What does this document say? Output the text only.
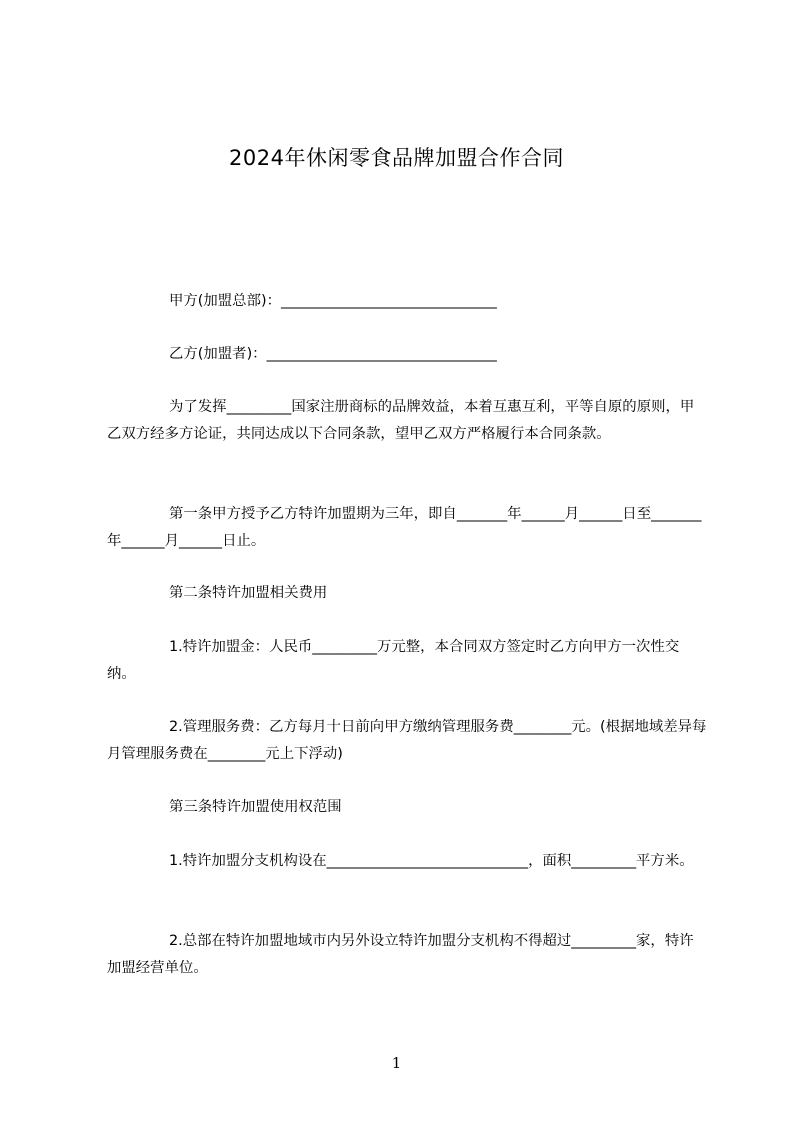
2024年休闲零食品牌加盟合作合同
甲方(加盟总部)：______________________________
乙方(加盟者)：________________________________
为了发挥_________国家注册商标的品牌效益，本着互惠互利，平等自原的原则，甲乙双方经多方论证，共同达成以下合同条款，望甲乙双方严格履行本合同条款。
第一条甲方授予乙方特许加盟期为三年，即自_______年______月______日至_______年______月______日止。
第二条特许加盟相关费用
1.特许加盟金：人民币_________万元整，本合同双方签定时乙方向甲方一次性交纳。
2.管理服务费：乙方每月十日前向甲方缴纳管理服务费________元。(根据地域差异每月管理服务费在________元上下浮动)
第三条特许加盟使用权范围
1.特许加盟分支机构设在____________________________，面积_________平方米。
2.总部在特许加盟地域市内另外设立特许加盟分支机构不得超过_________家，特许加盟经营单位。
1
